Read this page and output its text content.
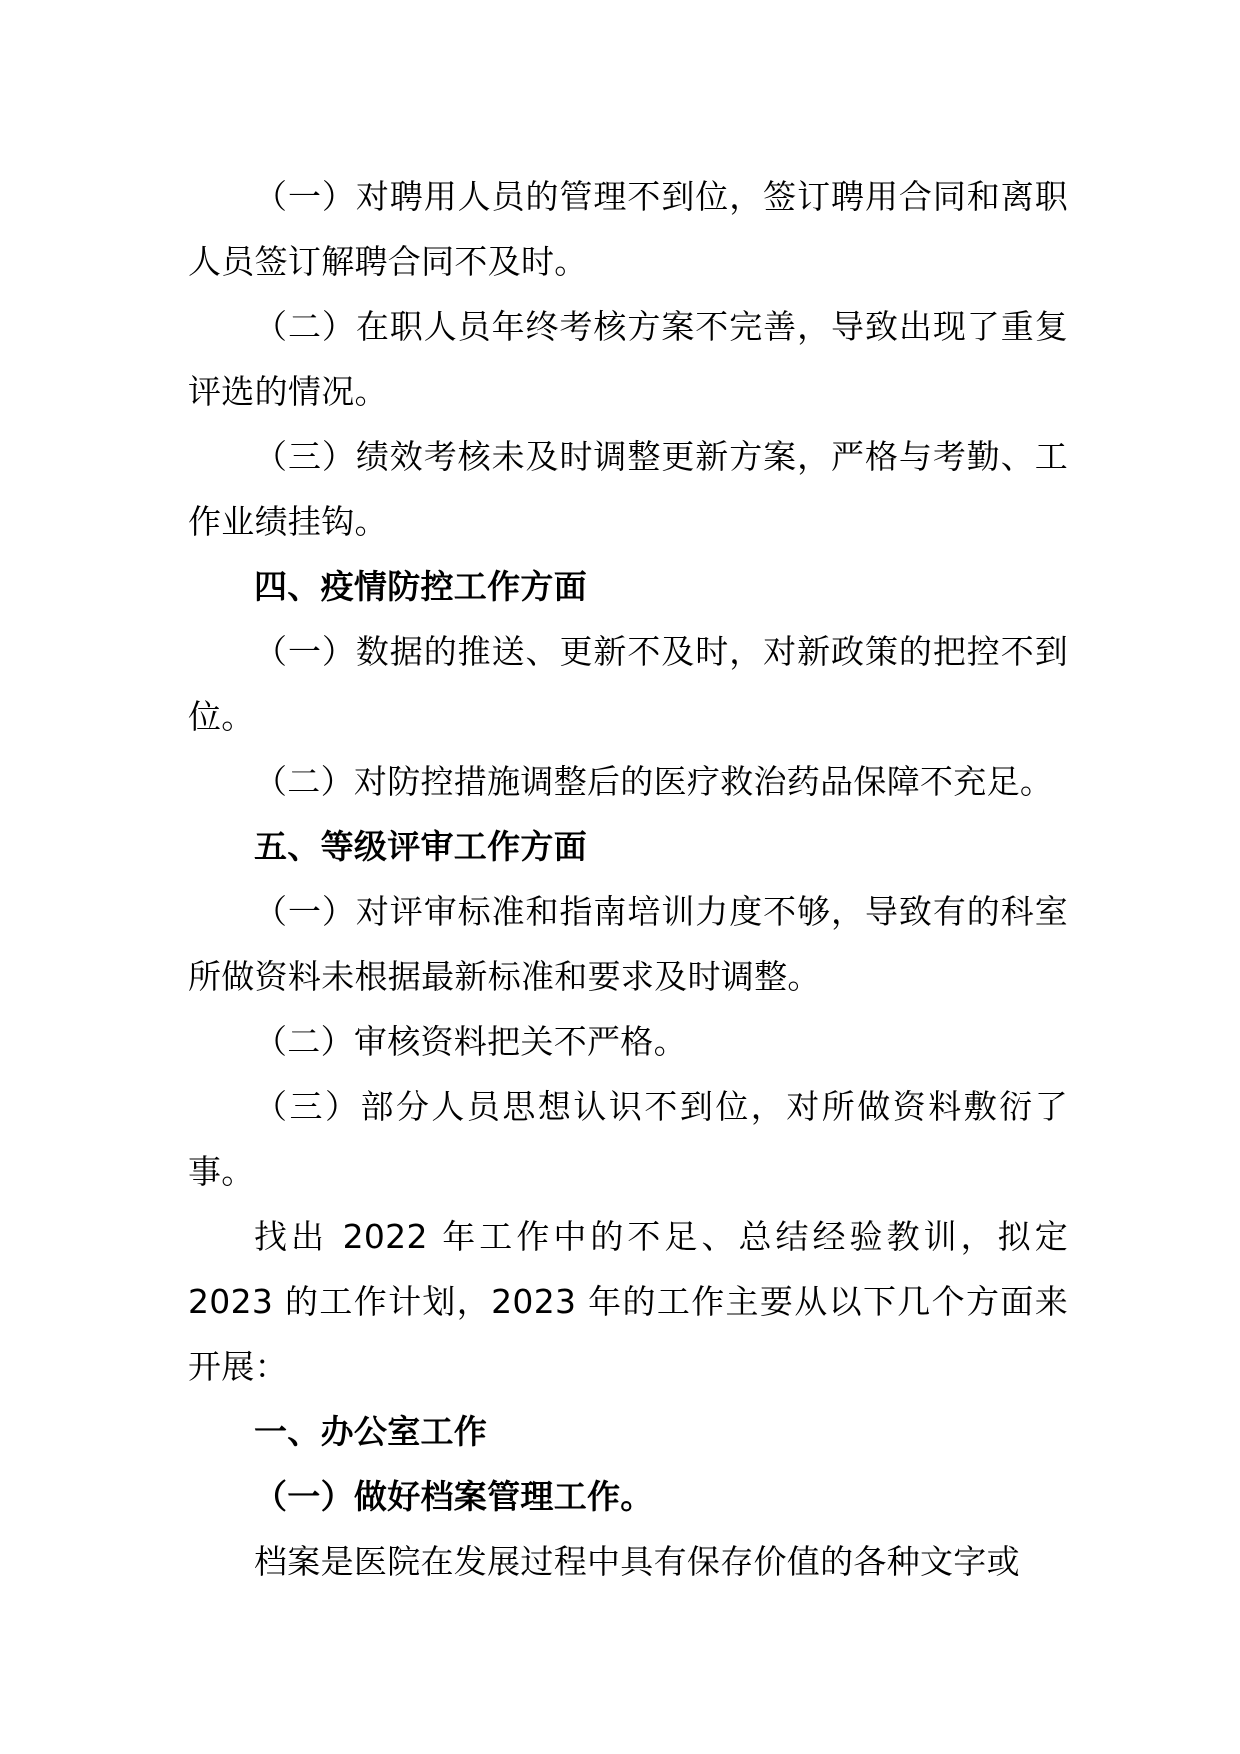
（一）对聘用人员的管理不到位，签订聘用合同和离职人员签订解聘合同不及时。

（二）在职人员年终考核方案不完善，导致出现了重复评选的情况。

（三）绩效考核未及时调整更新方案，严格与考勤、工作业绩挂钩。

四、疫情防控工作方面

（一）数据的推送、更新不及时，对新政策的把控不到位。

（二）对防控措施调整后的医疗救治药品保障不充足。

五、等级评审工作方面

（一）对评审标准和指南培训力度不够，导致有的科室所做资料未根据最新标准和要求及时调整。

（二）审核资料把关不严格。

（三）部分人员思想认识不到位，对所做资料敷衍了事。

找出 2022 年工作中的不足、总结经验教训，拟定 2023 的工作计划，2023 年的工作主要从以下几个方面来开展：

一、办公室工作
（一）做好档案管理工作。

档案是医院在发展过程中具有保存价值的各种文字或
